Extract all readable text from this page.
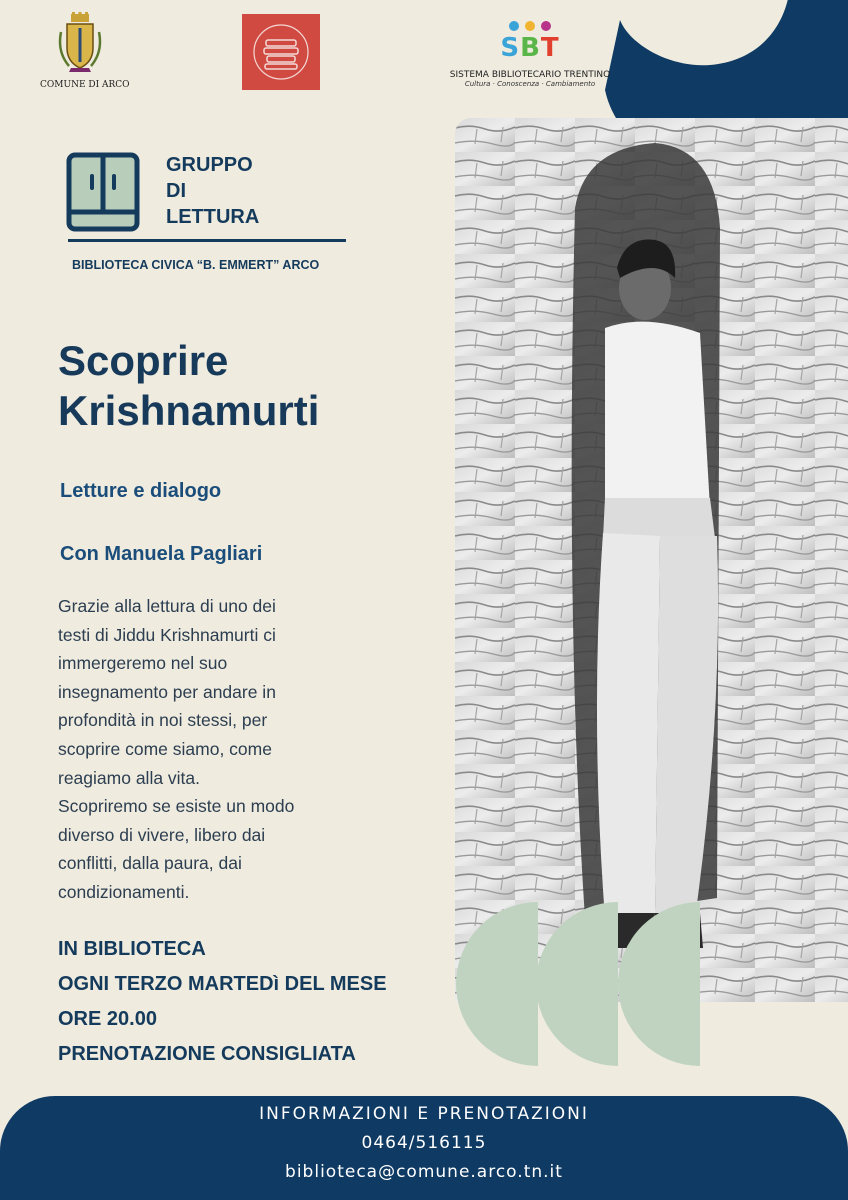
COMUNE DI ARCO
SBT
SISTEMA BIBLIOTECARIO TRENTINO
Cultura · Conoscenza · Cambiamento
GRUPPO
DI
LETTURA
BIBLIOTECA CIVICA “B. EMMERT” ARCO
Scoprire
Krishnamurti
Letture e dialogo
Con Manuela Pagliari
Grazie alla lettura di uno dei
testi di Jiddu Krishnamurti ci
immergeremo nel suo
insegnamento per andare in
profondità in noi stessi, per
scoprire come siamo, come
reagiamo alla vita.
Scopriremo se esiste un modo
diverso di vivere, libero dai
conflitti, dalla paura, dai
condizionamenti.
IN BIBLIOTECA
OGNI TERZO MARTEDì DEL MESE
ORE 20.00
PRENOTAZIONE CONSIGLIATA
INFORMAZIONI E PRENOTAZIONI
0464/516115
biblioteca@comune.arco.tn.it
